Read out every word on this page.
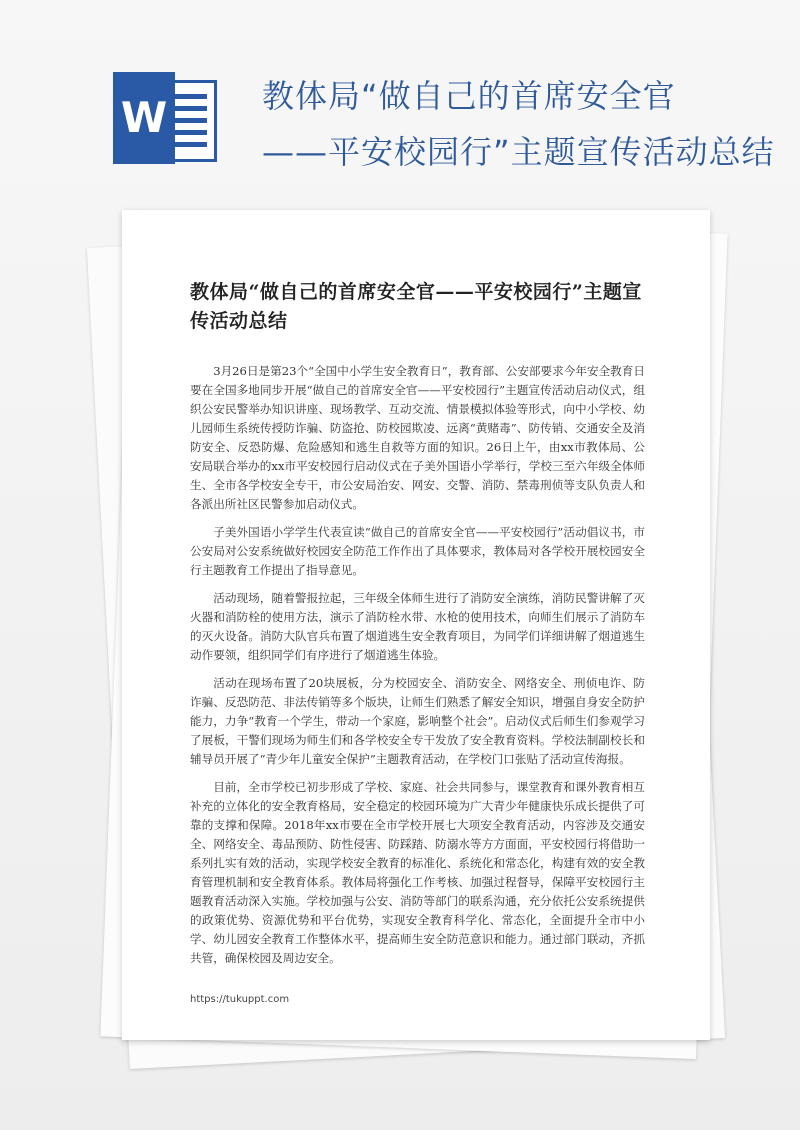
W	教体局“做自己的首席安全官
——平安校园行”主题宣传活动总结
教体局“做自己的首席安全官——平安校园行”主题宣传活动总结

3月26日是第23个“全国中小学生安全教育日”，教育部、公安部要求今年安全教育日要在全国多地同步开展“做自己的首席安全官——平安校园行”主题宣传活动启动仪式，组织公安民警举办知识讲座、现场教学、互动交流、情景模拟体验等形式，向中小学校、幼儿园师生系统传授防诈骗、防盗抢、防校园欺凌、远离“黄赌毒”、防传销、交通安全及消防安全、反恐防爆、危险感知和逃生自救等方面的知识。26日上午，由xx市教体局、公安局联合举办的xx市平安校园行启动仪式在子美外国语小学举行，学校三至六年级全体师生、全市各学校安全专干，市公安局治安、网安、交警、消防、禁毒刑侦等支队负责人和各派出所社区民警参加启动仪式。

子美外国语小学学生代表宣读“做自己的首席安全官——平安校园行”活动倡议书，市公安局对公安系统做好校园安全防范工作作出了具体要求，教体局对各学校开展校园安全行主题教育工作提出了指导意见。

活动现场，随着警报拉起，三年级全体师生进行了消防安全演练，消防民警讲解了灭火器和消防栓的使用方法，演示了消防栓水带、水枪的使用技术，向师生们展示了消防车的灭火设备。消防大队官兵布置了烟道逃生安全教育项目，为同学们详细讲解了烟道逃生动作要领，组织同学们有序进行了烟道逃生体验。

活动在现场布置了20块展板，分为校园安全、消防安全、网络安全、刑侦电诈、防诈骗、反恐防范、非法传销等多个版块，让师生们熟悉了解安全知识，增强自身安全防护能力，力争“教育一个学生，带动一个家庭，影响整个社会”。启动仪式后师生们参观学习了展板，干警们现场为师生们和各学校安全专干发放了安全教育资料。学校法制副校长和辅导员开展了“青少年儿童安全保护”主题教育活动，在学校门口张贴了活动宣传海报。

目前，全市学校已初步形成了学校、家庭、社会共同参与，课堂教育和课外教育相互补充的立体化的安全教育格局，安全稳定的校园环境为广大青少年健康快乐成长提供了可靠的支撑和保障。2018年xx市要在全市学校开展七大项安全教育活动，内容涉及交通安全、网络安全、毒品预防、防性侵害、防踩踏、防溺水等方方面面，平安校园行将借助一系列扎实有效的活动，实现学校安全教育的标准化、系统化和常态化，构建有效的安全教育管理机制和安全教育体系。教体局将强化工作考核、加强过程督导，保障平安校园行主题教育活动深入实施。学校加强与公安、消防等部门的联系沟通，充分依托公安系统提供的政策优势、资源优势和平台优势，实现安全教育科学化、常态化，全面提升全市中小学、幼儿园安全教育工作整体水平，提高师生安全防范意识和能力。通过部门联动，齐抓共管，确保校园及周边安全。

https://tukuppt.com
